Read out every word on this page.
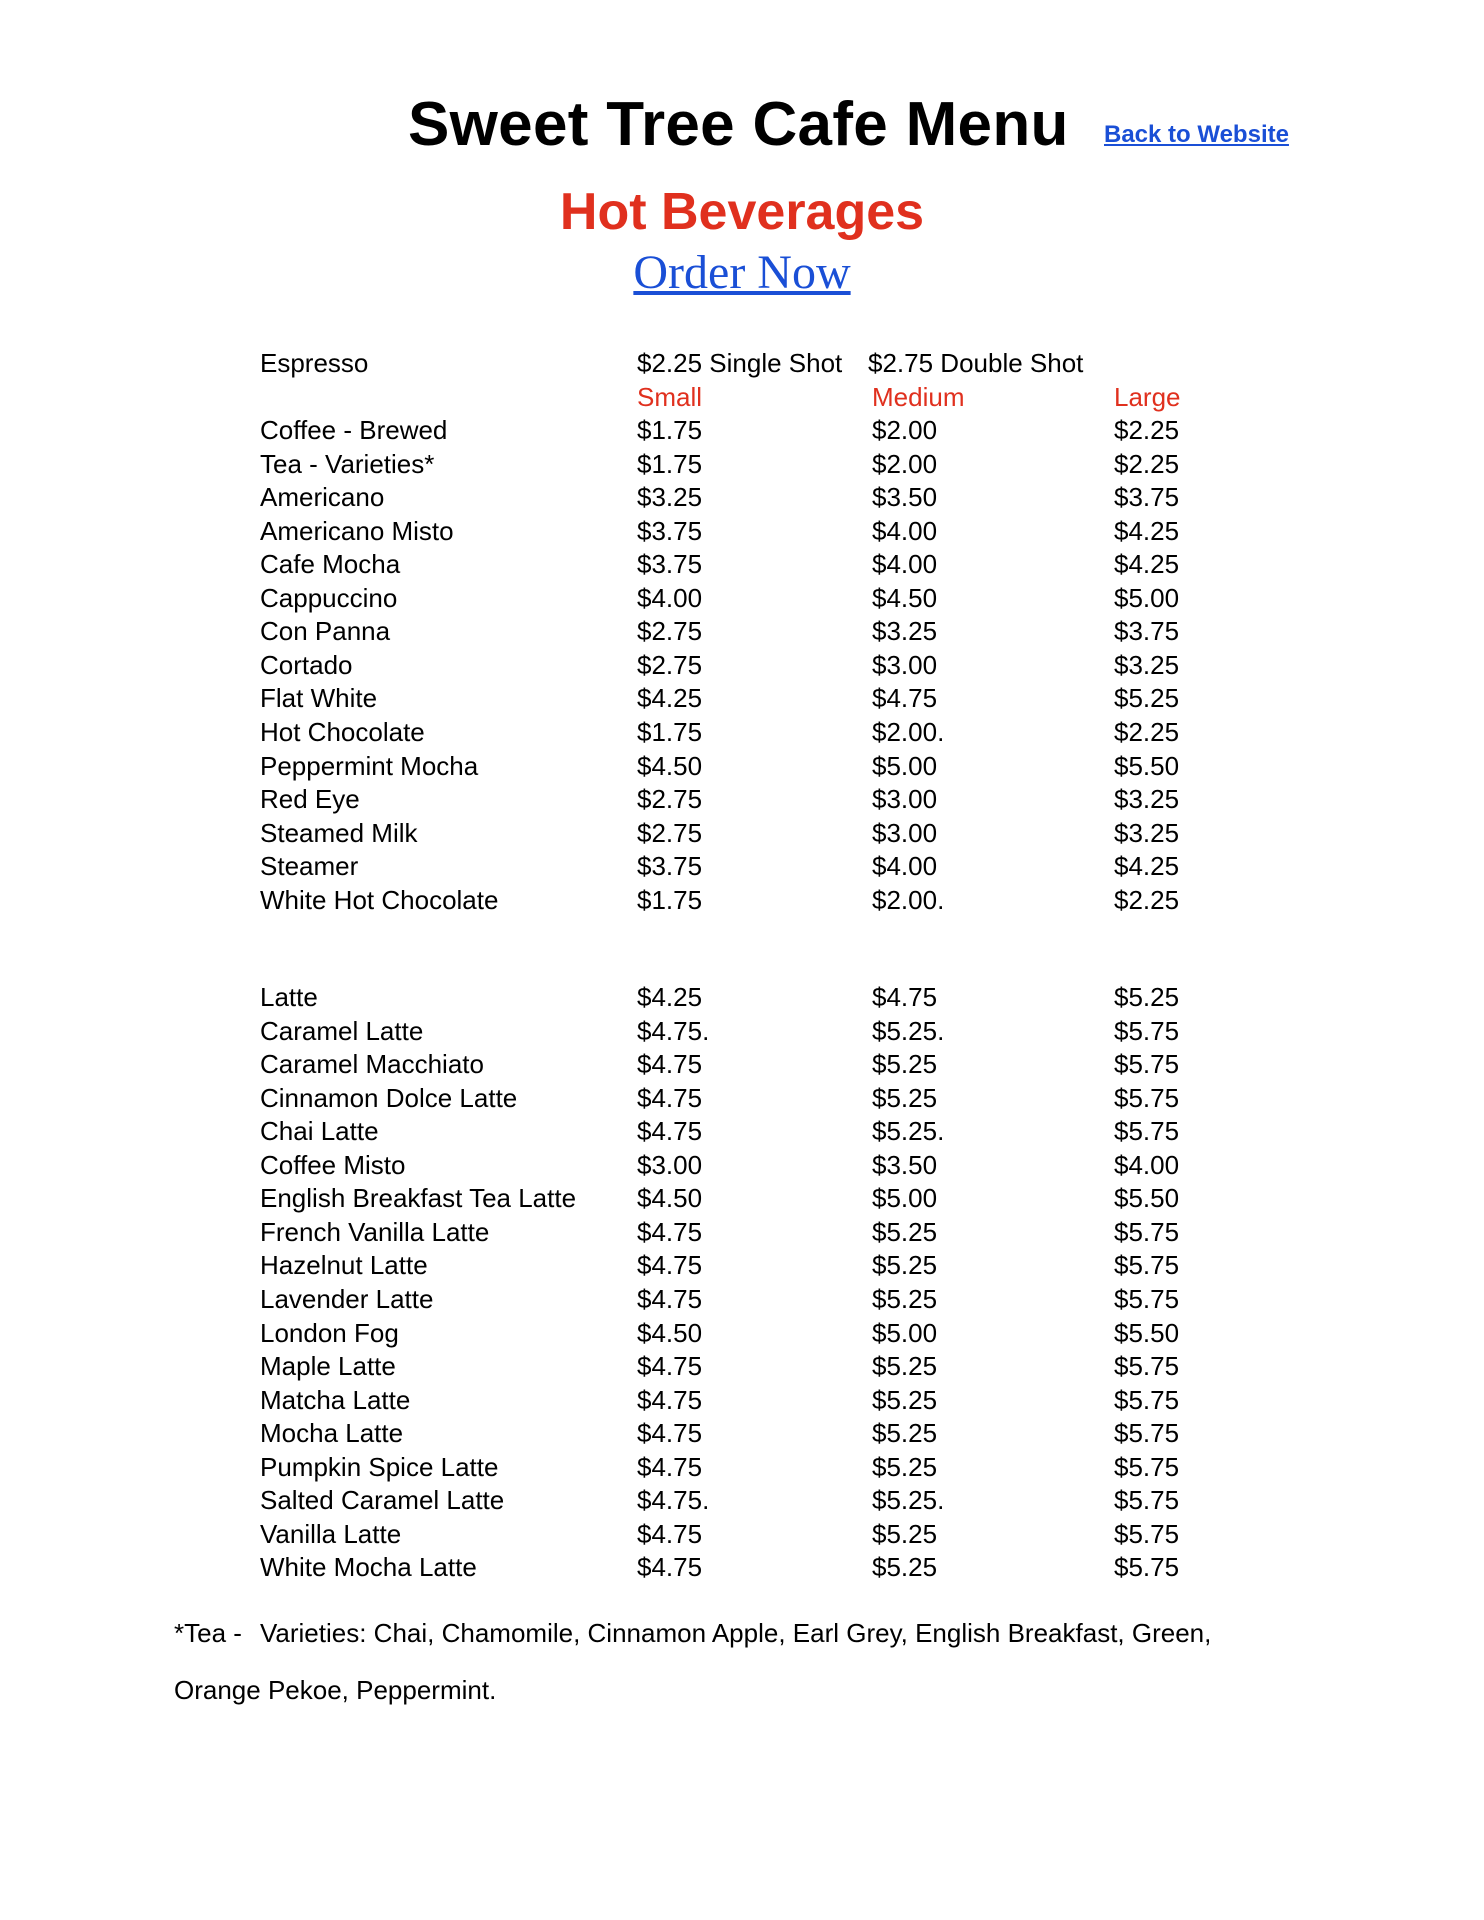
Sweet Tree Cafe Menu Back to Website
Hot Beverages
Order Now
Espresso	$2.25 Single Shot $2.75 Double Shot
Small	Medium	Large
Coffee - Brewed	$1.75	$2.00	$2.25
Tea - Varieties*	$1.75	$2.00	$2.25
Americano	$3.25	$3.50	$3.75
Americano Misto	$3.75	$4.00	$4.25
Cafe Mocha	$3.75	$4.00	$4.25
Cappuccino	$4.00	$4.50	$5.00
Con Panna	$2.75	$3.25	$3.75
Cortado	$2.75	$3.00	$3.25
Flat White	$4.25	$4.75	$5.25
Hot Chocolate	$1.75	$2.00.	$2.25
Peppermint Mocha	$4.50	$5.00	$5.50
Red Eye	$2.75	$3.00	$3.25
Steamed Milk	$2.75	$3.00	$3.25
Steamer	$3.75	$4.00	$4.25
White Hot Chocolate	$1.75	$2.00.	$2.25
Latte	$4.25	$4.75	$5.25
Caramel Latte	$4.75.	$5.25.	$5.75
Caramel Macchiato	$4.75	$5.25	$5.75
Cinnamon Dolce Latte	$4.75	$5.25	$5.75
Chai Latte	$4.75	$5.25.	$5.75
Coffee Misto	$3.00	$3.50	$4.00
English Breakfast Tea Latte $4.50	$5.00	$5.50
French Vanilla Latte	$4.75	$5.25	$5.75
Hazelnut Latte	$4.75	$5.25	$5.75
Lavender Latte	$4.75	$5.25	$5.75
London Fog	$4.50	$5.00	$5.50
Maple Latte	$4.75	$5.25	$5.75
Matcha Latte	$4.75	$5.25	$5.75
Mocha Latte	$4.75	$5.25	$5.75
Pumpkin Spice Latte	$4.75	$5.25	$5.75
Salted Caramel Latte	$4.75.	$5.25.	$5.75
Vanilla Latte	$4.75	$5.25	$5.75
White Mocha Latte	$4.75	$5.25	$5.75
*Tea - Varieties: Chai, Chamomile, Cinnamon Apple, Earl Grey, English Breakfast, Green,
Orange Pekoe, Peppermint.
